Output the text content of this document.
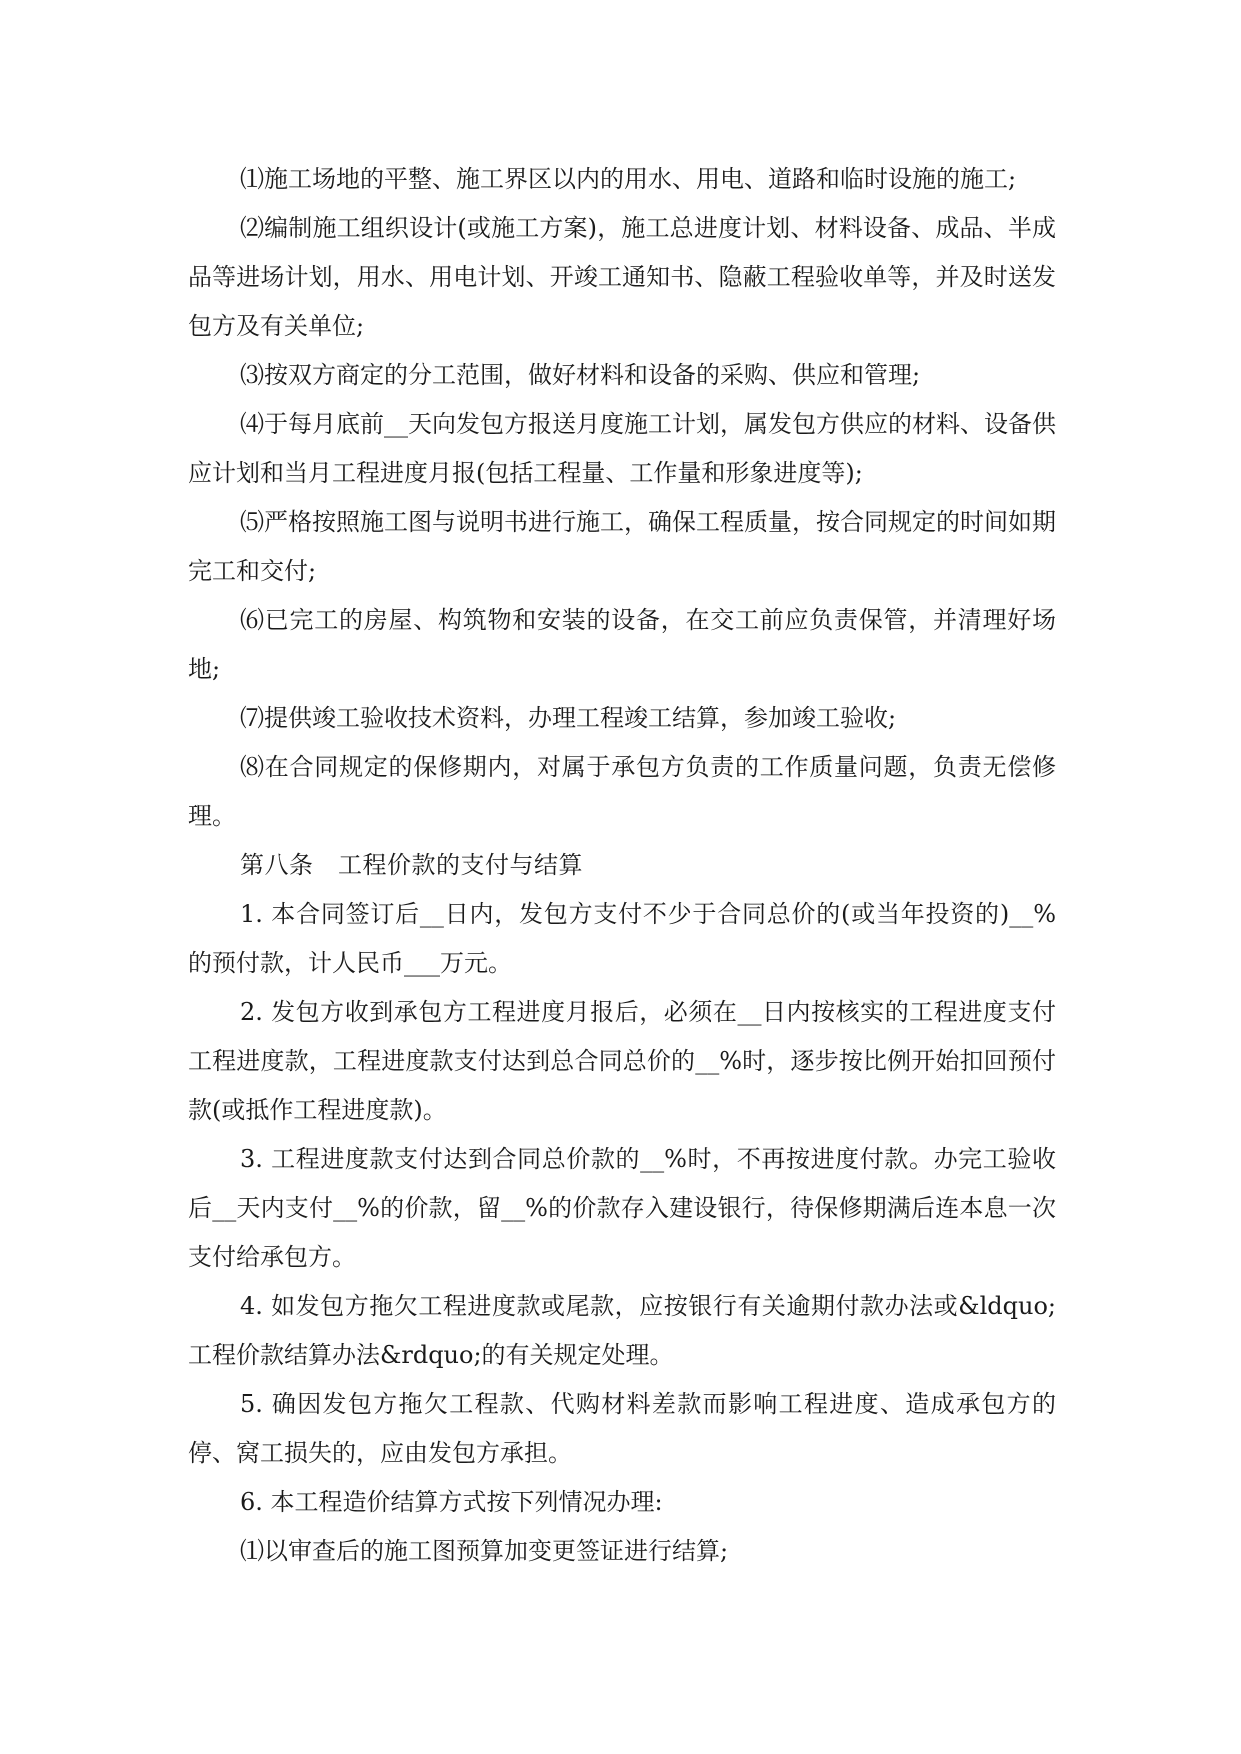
⑴施工场地的平整、施工界区以内的用水、用电、道路和临时设施的施工;

⑵编制施工组织设计(或施工方案)，施工总进度计划、材料设备、成品、半成品等进场计划，用水、用电计划、开竣工通知书、隐蔽工程验收单等，并及时送发包方及有关单位;

⑶按双方商定的分工范围，做好材料和设备的采购、供应和管理;

⑷于每月底前__天向发包方报送月度施工计划，属发包方供应的材料、设备供应计划和当月工程进度月报(包括工程量、工作量和形象进度等);

⑸严格按照施工图与说明书进行施工，确保工程质量，按合同规定的时间如期完工和交付;

⑹已完工的房屋、构筑物和安装的设备，在交工前应负责保管，并清理好场地;

⑺提供竣工验收技术资料，办理工程竣工结算，参加竣工验收;

⑻在合同规定的保修期内，对属于承包方负责的工作质量问题，负责无偿修理。

第八条　工程价款的支付与结算

1. 本合同签订后__日内，发包方支付不少于合同总价的(或当年投资的)__%的预付款，计人民币___万元。

2. 发包方收到承包方工程进度月报后，必须在__日内按核实的工程进度支付工程进度款，工程进度款支付达到总合同总价的__%时，逐步按比例开始扣回预付款(或抵作工程进度款)。

3. 工程进度款支付达到合同总价款的__%时，不再按进度付款。办完工验收后__天内支付__%的价款，留__%的价款存入建设银行，待保修期满后连本息一次支付给承包方。

4. 如发包方拖欠工程进度款或尾款，应按银行有关逾期付款办法或&ldquo;工程价款结算办法&rdquo;的有关规定处理。

5. 确因发包方拖欠工程款、代购材料差款而影响工程进度、造成承包方的停、窝工损失的，应由发包方承担。

6. 本工程造价结算方式按下列情况办理:

⑴以审查后的施工图预算加变更签证进行结算;
